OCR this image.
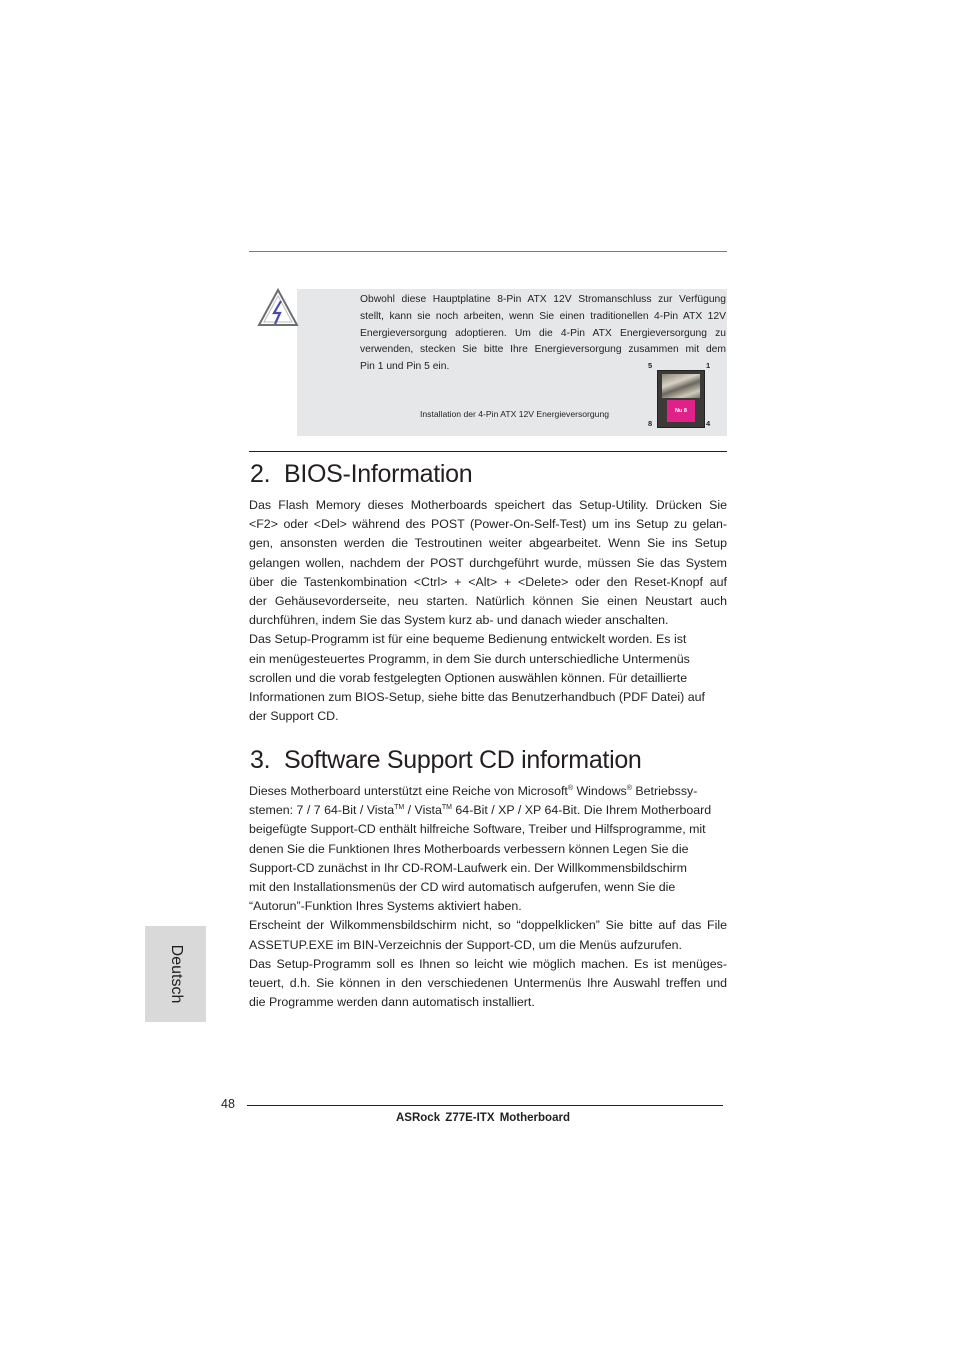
Obwohl diese Hauptplatine 8-Pin ATX 12V Stromanschluss zur Verfügung
stellt, kann sie noch arbeiten, wenn Sie einen traditionellen 4-Pin ATX 12V
Energieversorgung adoptieren. Um die 4-Pin ATX Energieversorgung zu
verwenden, stecken Sie bitte Ihre Energieversorgung zusammen mit dem
Pin 1 und Pin 5 ein.
Installation der 4-Pin ATX 12V Energieversorgung
5	1
8	4
Nu 8
2. BIOS-Information
Das Flash Memory dieses Motherboards speichert das Setup-Utility. Drücken Sie
<F2> oder <Del> während des POST (Power-On-Self-Test) um ins Setup zu gelan-
gen, ansonsten werden die Testroutinen weiter abgearbeitet. Wenn Sie ins Setup
gelangen wollen, nachdem der POST durchgeführt wurde, müssen Sie das System
über die Tastenkombination <Ctrl> + <Alt> + <Delete> oder den Reset-Knopf auf
der Gehäusevorderseite, neu starten. Natürlich können Sie einen Neustart auch
durchführen, indem Sie das System kurz ab- und danach wieder anschalten.
Das Setup-Programm ist für eine bequeme Bedienung entwickelt worden. Es ist
ein menügesteuertes Programm, in dem Sie durch unterschiedliche Untermenüs
scrollen und die vorab festgelegten Optionen auswählen können. Für detaillierte
Informationen zum BIOS-Setup, siehe bitte das Benutzerhandbuch (PDF Datei) auf
der Support CD.
3. Software Support CD information
Dieses Motherboard unterstützt eine Reiche von Microsoft® Windows® Betriebssy-
stemen: 7 / 7 64-Bit / Vista™ / Vista™ 64-Bit / XP / XP 64-Bit. Die Ihrem Motherboard
beigefügte Support-CD enthält hilfreiche Software, Treiber und Hilfsprogramme, mit
denen Sie die Funktionen Ihres Motherboards verbessern können Legen Sie die
Support-CD zunächst in Ihr CD-ROM-Laufwerk ein. Der Willkommensbildschirm
mit den Installationsmenüs der CD wird automatisch aufgerufen, wenn Sie die
“Autorun”-Funktion Ihres Systems aktiviert haben.
Erscheint der Wilkommensbildschirm nicht, so “doppelklicken” Sie bitte auf das File
ASSETUP.EXE im BIN-Verzeichnis der Support-CD, um die Menüs aufzurufen.
Das Setup-Programm soll es Ihnen so leicht wie möglich machen. Es ist menüges-
teuert, d.h. Sie können in den verschiedenen Untermenüs Ihre Auswahl treffen und
die Programme werden dann automatisch installiert.
Deutsch
48
ASRock Z77E-ITX Motherboard
